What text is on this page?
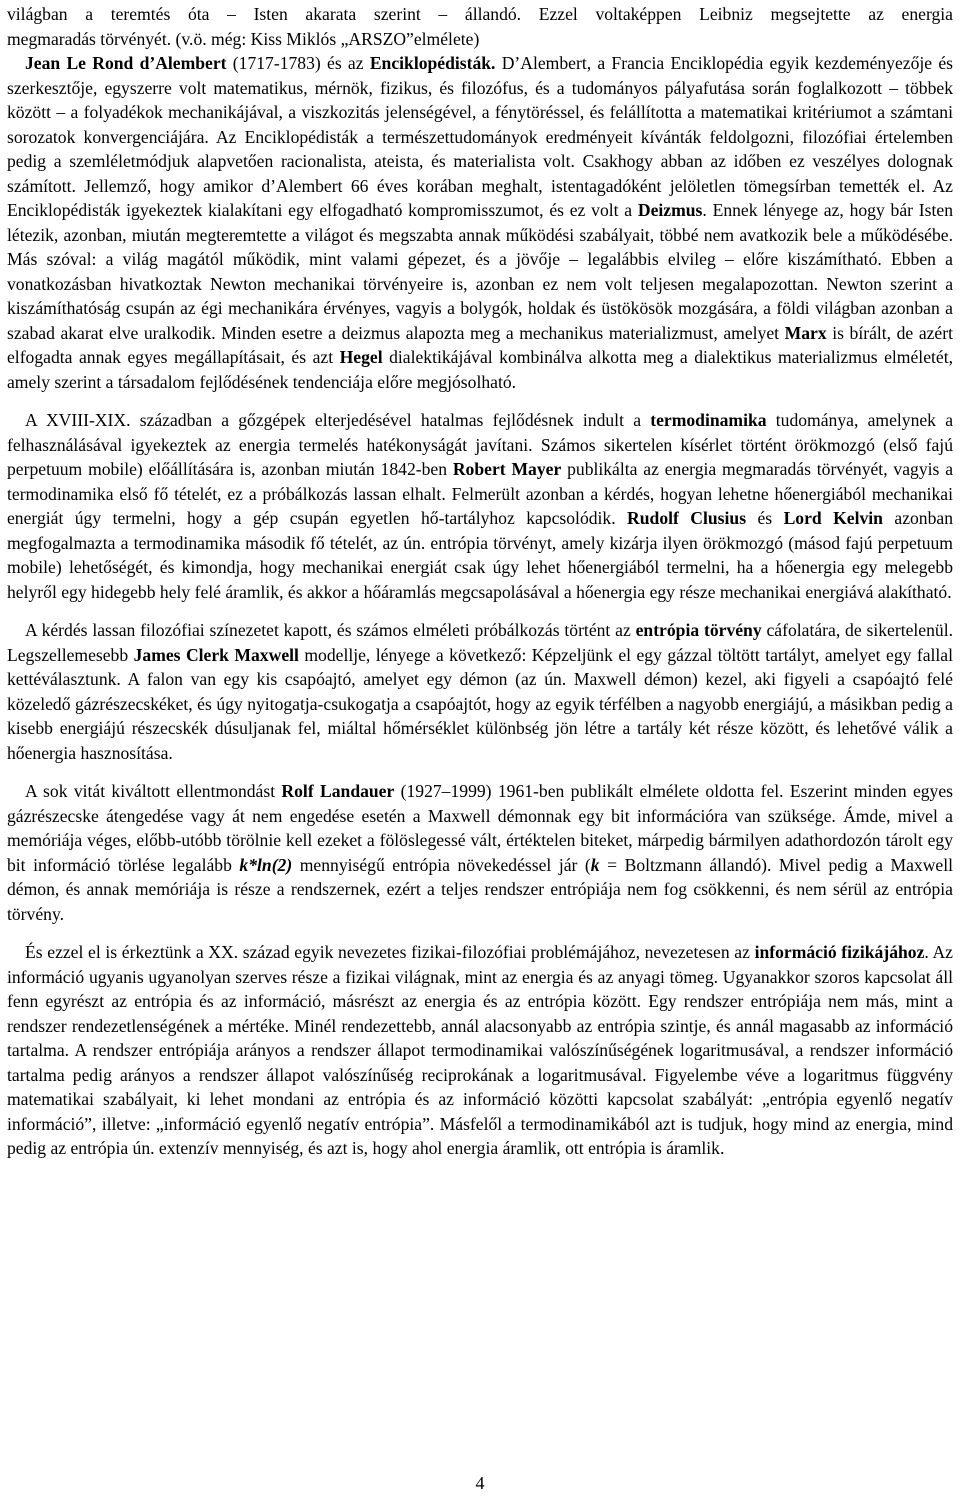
világban a teremtés óta – Isten akarata szerint – állandó. Ezzel voltaképpen Leibniz megsejtette az energia

megmaradás törvényét. (v.ö. még: Kiss Miklós „ARSZO”elmélete)

Jean Le Rond d’Alembert (1717-1783) és az Enciklopédisták. D’Alembert, a Francia Enciklopédia egyik kezdeményezője és szerkesztője, egyszerre volt matematikus, mérnök, fizikus, és filozófus, és a tudományos pályafutása során foglalkozott – többek között – a folyadékok mechanikájával, a viszkozitás jelenségével, a fénytöréssel, és felállította a matematikai kritériumot a számtani sorozatok konvergenciájára. Az Enciklopédisták a természettudományok eredményeit kívánták feldolgozni, filozófiai értelemben pedig a szemléletmódjuk alapvetően racionalista, ateista, és materialista volt. Csakhogy abban az időben ez veszélyes dolognak számított. Jellemző, hogy amikor d’Alembert 66 éves korában meghalt, istentagadóként jelöletlen tömegsírban temették el. Az Enciklopédisták igyekeztek kialakítani egy elfogadható kompromisszumot, és ez volt a Deizmus. Ennek lényege az, hogy bár Isten létezik, azonban, miután megteremtette a világot és megszabta annak működési szabályait, többé nem avatkozik bele a működésébe. Más szóval: a világ magától működik, mint valami gépezet, és a jövője – legalábbis elvileg – előre kiszámítható. Ebben a vonatkozásban hivatkoztak Newton mechanikai törvényeire is, azonban ez nem volt teljesen megalapozottan. Newton szerint a kiszámíthatóság csupán az égi mechanikára érvényes, vagyis a bolygók, holdak és üstökösök mozgására, a földi világban azonban a szabad akarat elve uralkodik. Minden esetre a deizmus alapozta meg a mechanikus materializmust, amelyet Marx is bírált, de azért elfogadta annak egyes megállapításait, és azt Hegel dialektikájával kombinálva alkotta meg a dialektikus materializmus elméletét, amely szerint a társadalom fejlődésének tendenciája előre megjósolható.

A XVIII-XIX. században a gőzgépek elterjedésével hatalmas fejlődésnek indult a termodinamika tudománya, amelynek a felhasználásával igyekeztek az energia termelés hatékonyságát javítani. Számos sikertelen kísérlet történt örökmozgó (első fajú perpetuum mobile) előállítására is, azonban miután 1842-ben Robert Mayer publikálta az energia megmaradás törvényét, vagyis a termodinamika első fő tételét, ez a próbálkozás lassan elhalt. Felmerült azonban a kérdés, hogyan lehetne hőenergiából mechanikai energiát úgy termelni, hogy a gép csupán egyetlen hő-tartályhoz kapcsolódik. Rudolf Clusius és Lord Kelvin azonban megfogalmazta a termodinamika második fő tételét, az ún. entrópia törvényt, amely kizárja ilyen örökmozgó (másod fajú perpetuum mobile) lehetőségét, és kimondja, hogy mechanikai energiát csak úgy lehet hőenergiából termelni, ha a hőenergia egy melegebb helyről egy hidegebb hely felé áramlik, és akkor a hőáramlás megcsapolásával a hőenergia egy része mechanikai energiává alakítható.

A kérdés lassan filozófiai színezetet kapott, és számos elméleti próbálkozás történt az entrópia törvény cáfolatára, de sikertelenül. Legszellemesebb James Clerk Maxwell modellje, lényege a következő: Képzeljünk el egy gázzal töltött tartályt, amelyet egy fallal kettéválasztunk. A falon van egy kis csapóajtó, amelyet egy démon (az ún. Maxwell démon) kezel, aki figyeli a csapóajtó felé közeledő gázrészecskéket, és úgy nyitogatja-csukogatja a csapóajtót, hogy az egyik térfélben a nagyobb energiájú, a másikban pedig a kisebb energiájú részecskék dúsuljanak fel, miáltal hőmérséklet különbség jön létre a tartály két része között, és lehetővé válik a hőenergia hasznosítása.

A sok vitát kiváltott ellentmondást Rolf Landauer (1927–1999) 1961-ben publikált elmélete oldotta fel. Eszerint minden egyes gázrészecske átengedése vagy át nem engedése esetén a Maxwell démonnak egy bit információra van szüksége. Ámde, mivel a memóriája véges, előbb-utóbb törölnie kell ezeket a fölöslegessé vált, értéktelen biteket, márpedig bármilyen adathordozón tárolt egy bit információ törlése legalább k*ln(2) mennyiségű entrópia növekedéssel jár (k = Boltzmann állandó). Mivel pedig a Maxwell démon, és annak memóriája is része a rendszernek, ezért a teljes rendszer entrópiája nem fog csökkenni, és nem sérül az entrópia törvény.

És ezzel el is érkeztünk a XX. század egyik nevezetes fizikai-filozófiai problémájához, nevezetesen az információ fizikájához. Az információ ugyanis ugyanolyan szerves része a fizikai világnak, mint az energia és az anyagi tömeg. Ugyanakkor szoros kapcsolat áll fenn egyrészt az entrópia és az információ, másrészt az energia és az entrópia között. Egy rendszer entrópiája nem más, mint a rendszer rendezetlenségének a mértéke. Minél rendezettebb, annál alacsonyabb az entrópia szintje, és annál magasabb az információ tartalma. A rendszer entrópiája arányos a rendszer állapot termodinamikai valószínűségének logaritmusával, a rendszer információ tartalma pedig arányos a rendszer állapot valószínűség reciprokának a logaritmusával. Figyelembe véve a logaritmus függvény matematikai szabályait, ki lehet mondani az entrópia és az információ közötti kapcsolat szabályát: „entrópia egyenlő negatív információ”, illetve: „információ egyenlő negatív entrópia”. Másfelől a termodinamikából azt is tudjuk, hogy mind az energia, mind pedig az entrópia ún. extenzív mennyiség, és azt is, hogy ahol energia áramlik, ott entrópia is áramlik.

4
